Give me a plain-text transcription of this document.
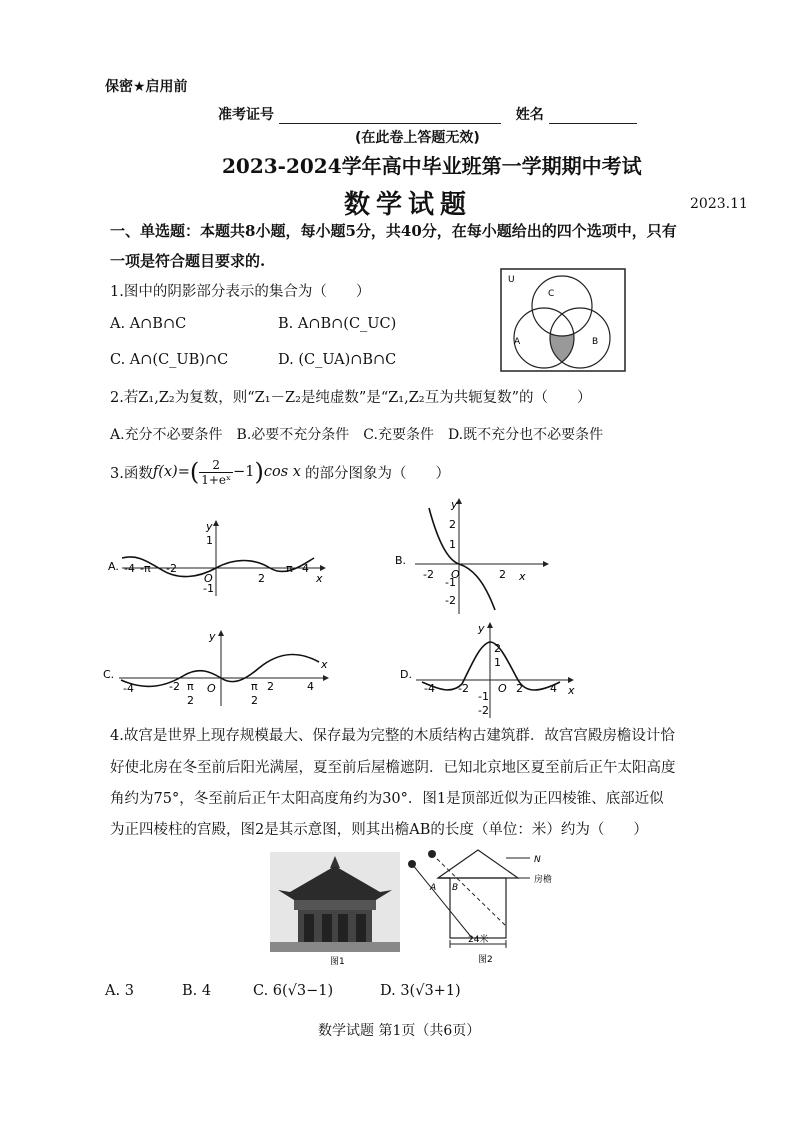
保密★启用前
准考证号	姓名
(在此卷上答题无效)
2023-2024学年高中毕业班第一学期期中考试
数学试题	2023.11
一、单选题：本题共8小题，每小题5分，共40分，在每小题给出的四个选项中，只有
一项是符合题目要求的.
1.图中的阴影部分表示的集合为（　　）
A. A∩B∩C	B. A∩B∩(C_UC)
C. A∩(C_UB)∩C	D. (C_UA)∩B∩C
U
C
A	B
2.若Z₁,Z₂为复数，则“Z₁－Z₂是纯虚数”是“Z₁,Z₂互为共轭复数”的（　　）
A.充分不必要条件　B.必要不充分条件　C.充要条件　D.既不充分也不必要条件
3.函数 f(x)= ( $\frac{2}{\text{1+eˣ}} -1$ ) cos x 的部分图象为（　　）
A.
y
x
O
1
-1
-4 -π -2
2
π 4
B.
y
x
O
-2	2
2
1
-1
-2
C.
y
x
O
-4	-2 π
2
π
2
2	4
D.
y
x
O
-4 -2	2 4
2
1
-1
-2
4.故宫是世界上现存规模最大、保存最为完整的木质结构古建筑群．故宫宫殿房檐设计恰
好使北房在冬至前后阳光满屋，夏至前后屋檐遮阴．已知北京地区夏至前后正午太阳高度
角约为75°，冬至前后正午太阳高度角约为30°．图1是顶部近似为正四棱锥、底部近似
为正四棱柱的宫殿，图2是其示意图，则其出檐AB的长度（单位：米）约为（　　）
图1
N
房檐
A B
24米
图2
A. 3	B. 4	C. 6(√3−1)	D. 3(√3+1)
数学试题 第1页（共6页）
